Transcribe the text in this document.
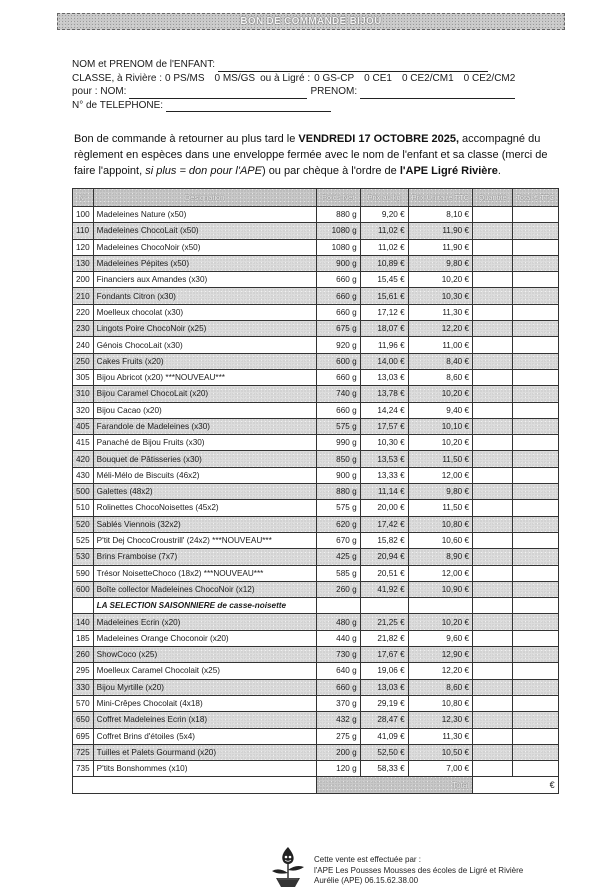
BON DE COMMANDE BIJOU
NOM et PRENOM de l'ENFANT:
CLASSE, à Rivière : 0 PS/MS 0 MS/GS ou à Ligré : 0 GS-CP 0 CE1 0 CE2/CM1 0 CE2/CM2
pour : NOM:	PRENOM:
N° de TELEPHONE:
Bon de commande à retourner au plus tard le VENDREDI 17 OCTOBRE 2025, accompagné du règlement en espèces dans une enveloppe fermée avec le nom de l'enfant et sa classe (merci de faire l'appoint, si plus = don pour l'APE) ou par chèque à l'ordre de l'APE Ligré Rivière.
N°	Désignation	Poids Net	Prix au kg	Prix Unitaire TTC	Quantité	Total € TTC
100	Madeleines Nature (x50)	880 g	9,20 €	8,10 €		
110	Madeleines ChocoLait (x50)	1080 g	11,02 €	11,90 €		
120	Madeleines ChocoNoir (x50)	1080 g	11,02 €	11,90 €		
130	Madeleines Pépites (x50)	900 g	10,89 €	9,80 €		
200	Financiers aux Amandes (x30)	660 g	15,45 €	10,20 €		
210	Fondants Citron (x30)	660 g	15,61 €	10,30 €		
220	Moelleux chocolat (x30)	660 g	17,12 €	11,30 €		
230	Lingots Poire ChocoNoir (x25)	675 g	18,07 €	12,20 €		
240	Génois ChocoLait (x30)	920 g	11,96 €	11,00 €		
250	Cakes Fruits (x20)	600 g	14,00 €	8,40 €		
305	Bijou Abricot (x20) ***NOUVEAU***	660 g	13,03 €	8,60 €		
310	Bijou Caramel ChocoLait (x20)	740 g	13,78 €	10,20 €		
320	Bijou Cacao (x20)	660 g	14,24 €	9,40 €		
405	Farandole de Madeleines (x30)	575 g	17,57 €	10,10 €		
415	Panaché de Bijou Fruits (x30)	990 g	10,30 €	10,20 €		
420	Bouquet de Pâtisseries (x30)	850 g	13,53 €	11,50 €		
430	Méli-Mélo de Biscuits (46x2)	900 g	13,33 €	12,00 €		
500	Galettes (48x2)	880 g	11,14 €	9,80 €		
510	Rolinettes ChocoNoisettes (45x2)	575 g	20,00 €	11,50 €		
520	Sablés Viennois (32x2)	620 g	17,42 €	10,80 €		
525	P'tit Dej ChocoCroustrill' (24x2) ***NOUVEAU***	670 g	15,82 €	10,60 €		
530	Brins Framboise (7x7)	425 g	20,94 €	8,90 €		
590	Trésor NoisetteChoco (18x2) ***NOUVEAU***	585 g	20,51 €	12,00 €		
600	Boîte collector Madeleines ChocoNoir (x12)	260 g	41,92 €	10,90 €		
	LA SELECTION SAISONNIERE de casse-noisette					
140	Madeleines Ecrin (x20)	480 g	21,25 €	10,20 €		
185	Madeleines Orange Choconoir (x20)	440 g	21,82 €	9,60 €		
260	ShowCoco (x25)	730 g	17,67 €	12,90 €		
295	Moelleux Caramel Chocolait (x25)	640 g	19,06 €	12,20 €		
330	Bijou Myrtille (x20)	660 g	13,03 €	8,60 €		
570	Mini-Crêpes Chocolait (4x18)	370 g	29,19 €	10,80 €		
650	Coffret Madeleines Ecrin (x18)	432 g	28,47 €	12,30 €		
695	Coffret Brins d'étoiles (5x4)	275 g	41,09 €	11,30 €		
725	Tuilles et Palets Gourmand (x20)	200 g	52,50 €	10,50 €		
735	P'tits Bonshommes (x10)	120 g	58,33 €	7,00 €		
		Total			€	
Cette vente est effectuée par :
l'APE Les Pousses Mousses des écoles de Ligré et Rivière
Aurélie (APE) 06.15.62.38.00
